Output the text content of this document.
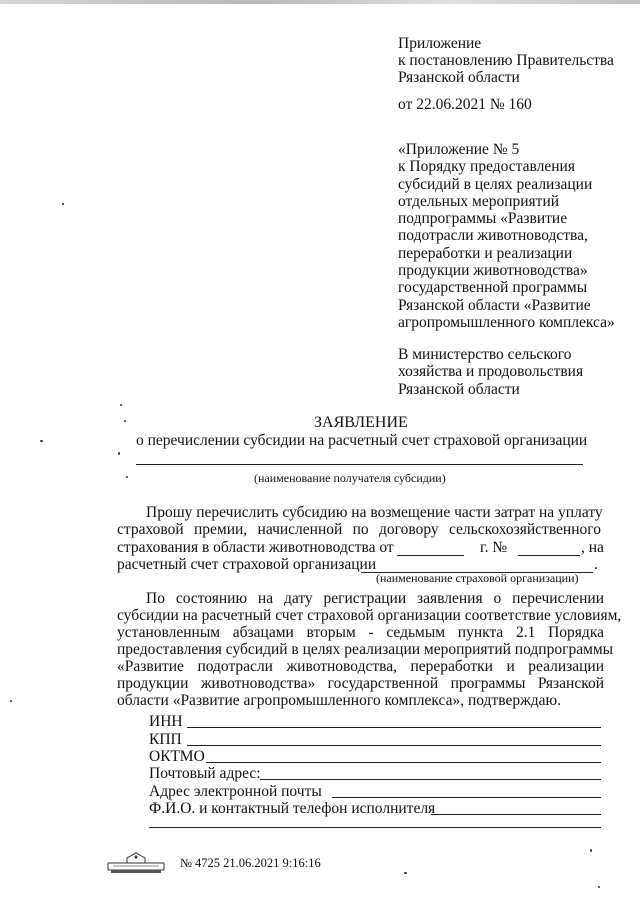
Приложение
к постановлению Правительства
Рязанской области
от 22.06.2021 № 160
«Приложение № 5
к Порядку предоставления
субсидий в целях реализации
отдельных мероприятий
подпрограммы «Развитие
подотрасли животноводства,
переработки и реализации
продукции животноводства»
государственной программы
Рязанской области «Развитие
агропромышленного комплекса»
В министерство сельского
хозяйства и продовольствия
Рязанской области
ЗАЯВЛЕНИЕ
о перечислении субсидии на расчетный счет страховой организации
(наименование получателя субсидии)
Прошу перечислить субсидию на возмещение части затрат на уплату
страховой премии, начисленной по договору сельскохозяйственного
страхования в области животноводства от	г. №	, на
расчетный счет страховой организации	.
(наименование страховой организации)
По состоянию на дату регистрации заявления о перечислении
субсидии на расчетный счет страховой организации соответствие условиям,
установленным абзацами вторым - седьмым пункта 2.1 Порядка
предоставления субсидий в целях реализации мероприятий подпрограммы
«Развитие подотрасли животноводства, переработки и реализации
продукции животноводства» государственной программы Рязанской
области «Развитие агропромышленного комплекса», подтверждаю.
ИНН
КПП
ОКТМО
Почтовый адрес:
Адрес электронной почты
Ф.И.О. и контактный телефон исполнителя
№ 4725 21.06.2021 9:16:16
